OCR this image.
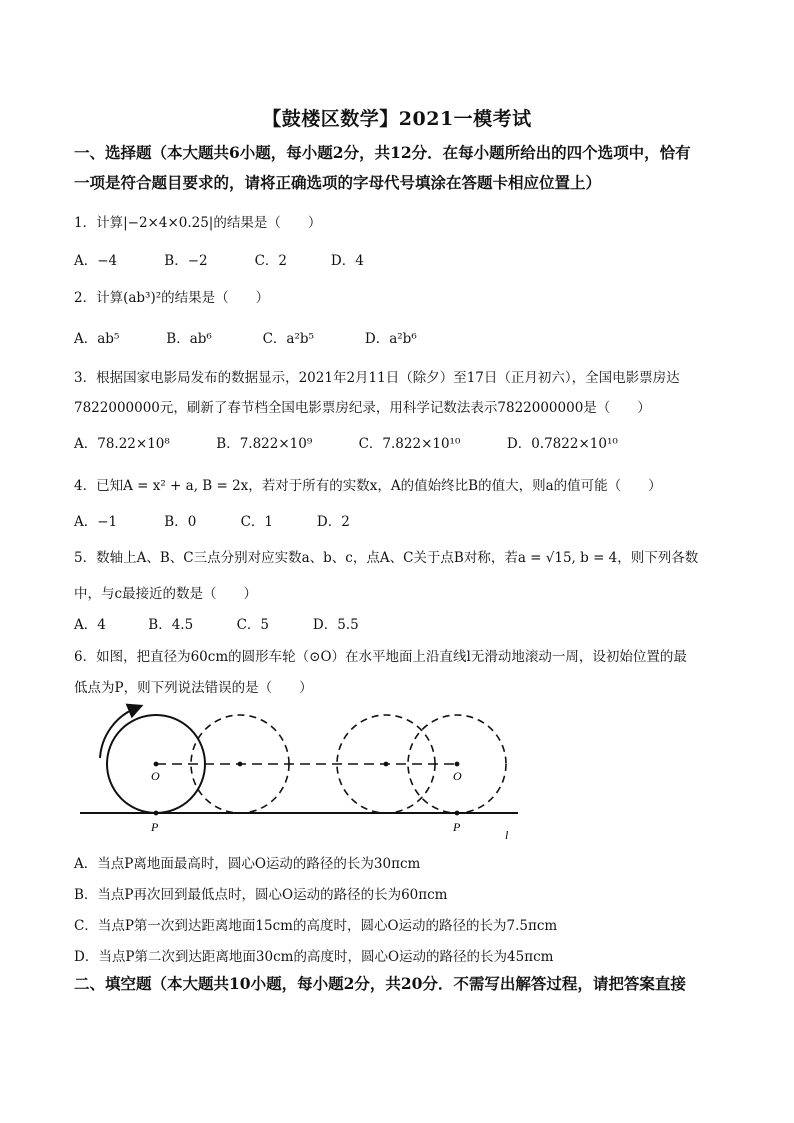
【鼓楼区数学】2021一模考试
一、选择题（本大题共6小题，每小题2分，共12分．在每小题所给出的四个选项中，恰有
一项是符合题目要求的，请将正确选项的字母代号填涂在答题卡相应位置上）
1．计算|−2×4×0.25|的结果是（　　）
A．−4	B．−2	C．2	D．4
2．计算(ab³)²的结果是（　　）
A．ab⁵	B．ab⁶	C．a²b⁵	D．a²b⁶
3．根据国家电影局发布的数据显示，2021年2月11日（除夕）至17日（正月初六），全国电影票房达
7822000000元，刷新了春节档全国电影票房纪录，用科学记数法表示7822000000是（　　）
A．78.22×10⁸	B．7.822×10⁹	C．7.822×10¹⁰	D．0.7822×10¹⁰
4．已知A = x² + a, B = 2x，若对于所有的实数x，A的值始终比B的值大，则a的值可能（　　）
A．−1	B．0	C．1	D．2
5．数轴上A、B、C三点分别对应实数a、b、c，点A、C关于点B对称，若a = √15, b = 4，则下列各数
中，与c最接近的数是（　　）
A．4	B．4.5	C．5	D．5.5
6．如图，把直径为60cm的圆形车轮（⊙O）在水平地面上沿直线l无滑动地滚动一周，设初始位置的最
低点为P，则下列说法错误的是（　　）
O	O
P	P
l
A．当点P离地面最高时，圆心O运动的路径的长为30πcm
B．当点P再次回到最低点时，圆心O运动的路径的长为60πcm
C．当点P第一次到达距离地面15cm的高度时，圆心O运动的路径的长为7.5πcm
D．当点P第二次到达距离地面30cm的高度时，圆心O运动的路径的长为45πcm
二、填空题（本大题共10小题，每小题2分，共20分．不需写出解答过程，请把答案直接
